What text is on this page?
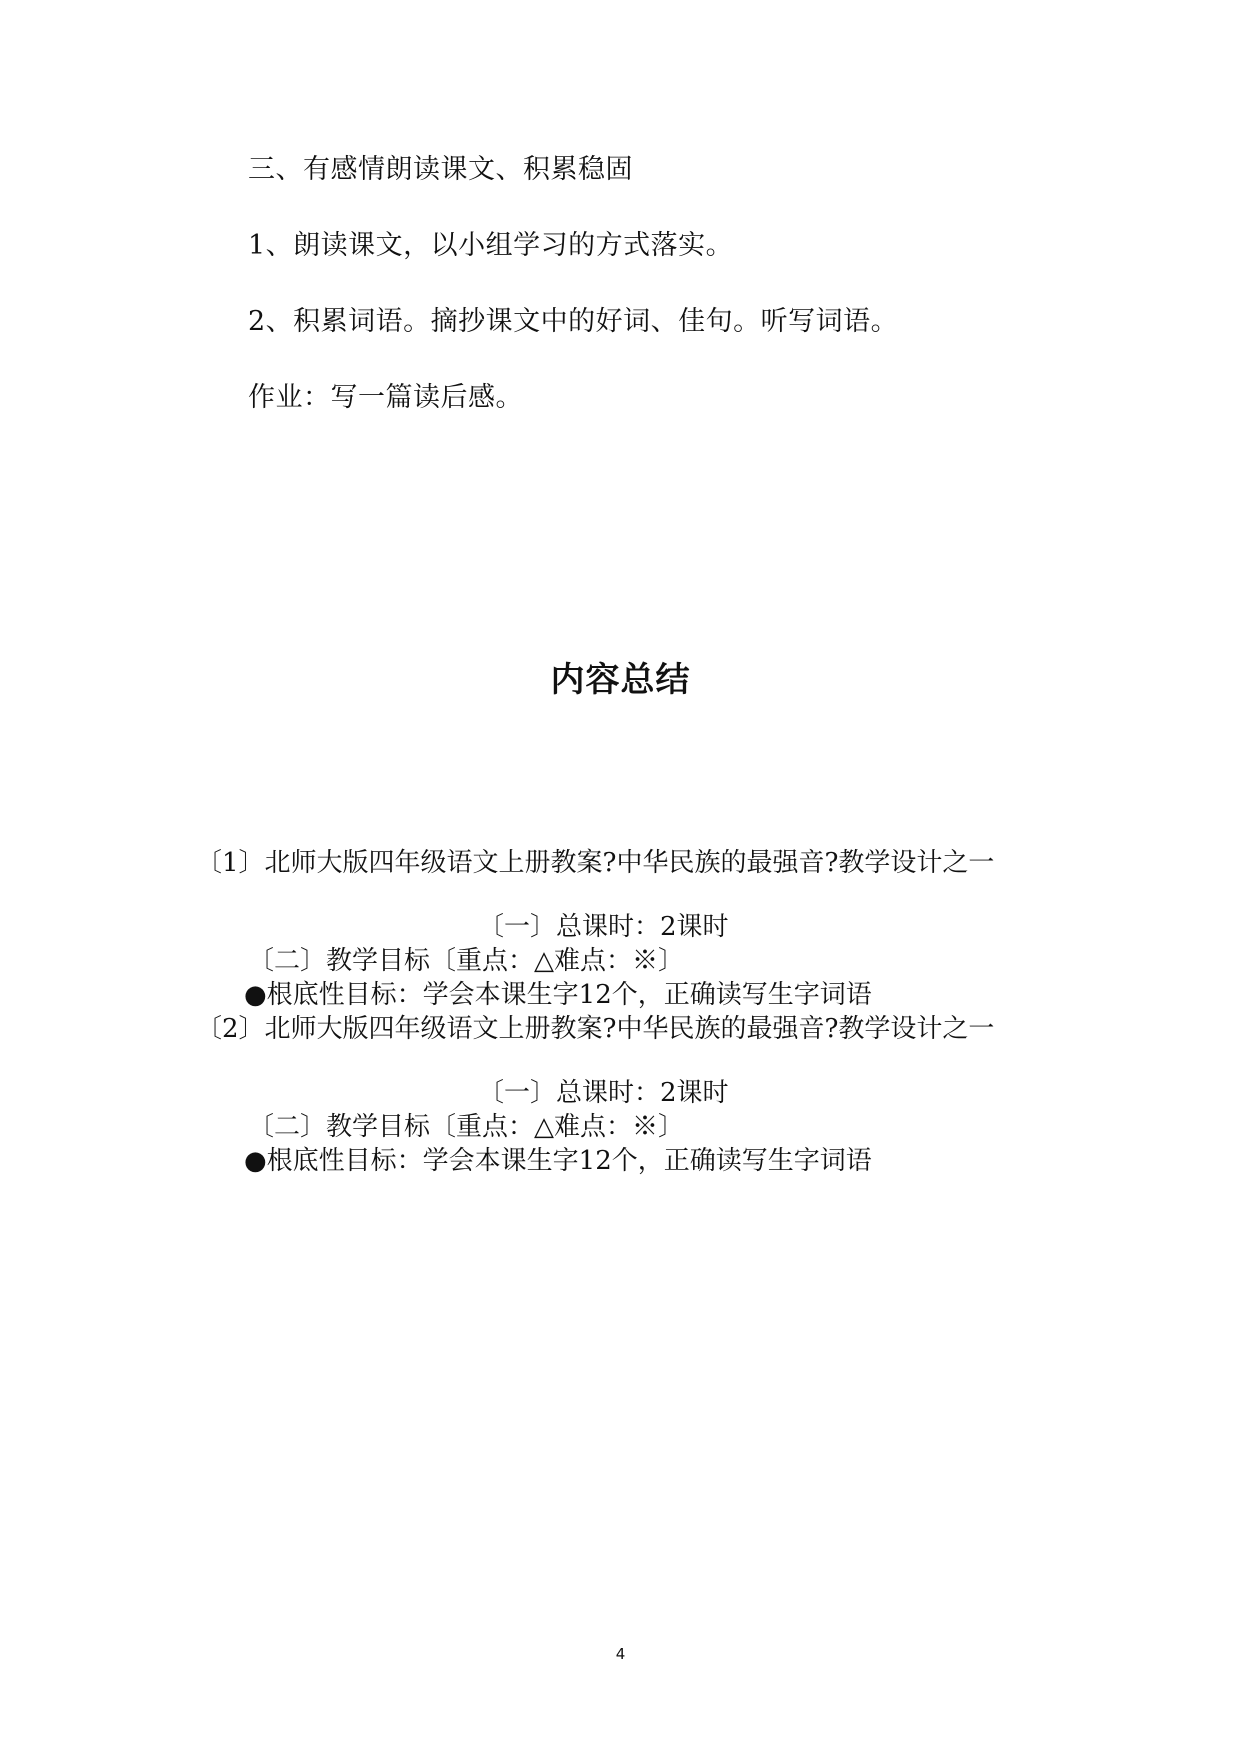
三、有感情朗读课文、积累稳固
1、朗读课文，以小组学习的方式落实。
2、积累词语。摘抄课文中的好词、佳句。听写词语。
作业：写一篇读后感。
内容总结
〔1〕北师大版四年级语文上册教案?中华民族的最强音?教学设计之一
〔一〕总课时：2课时
〔二〕教学目标〔重点：△难点：※〕
●根底性目标：学会本课生字12个，正确读写生字词语
〔2〕北师大版四年级语文上册教案?中华民族的最强音?教学设计之一
〔一〕总课时：2课时
〔二〕教学目标〔重点：△难点：※〕
●根底性目标：学会本课生字12个，正确读写生字词语
4
